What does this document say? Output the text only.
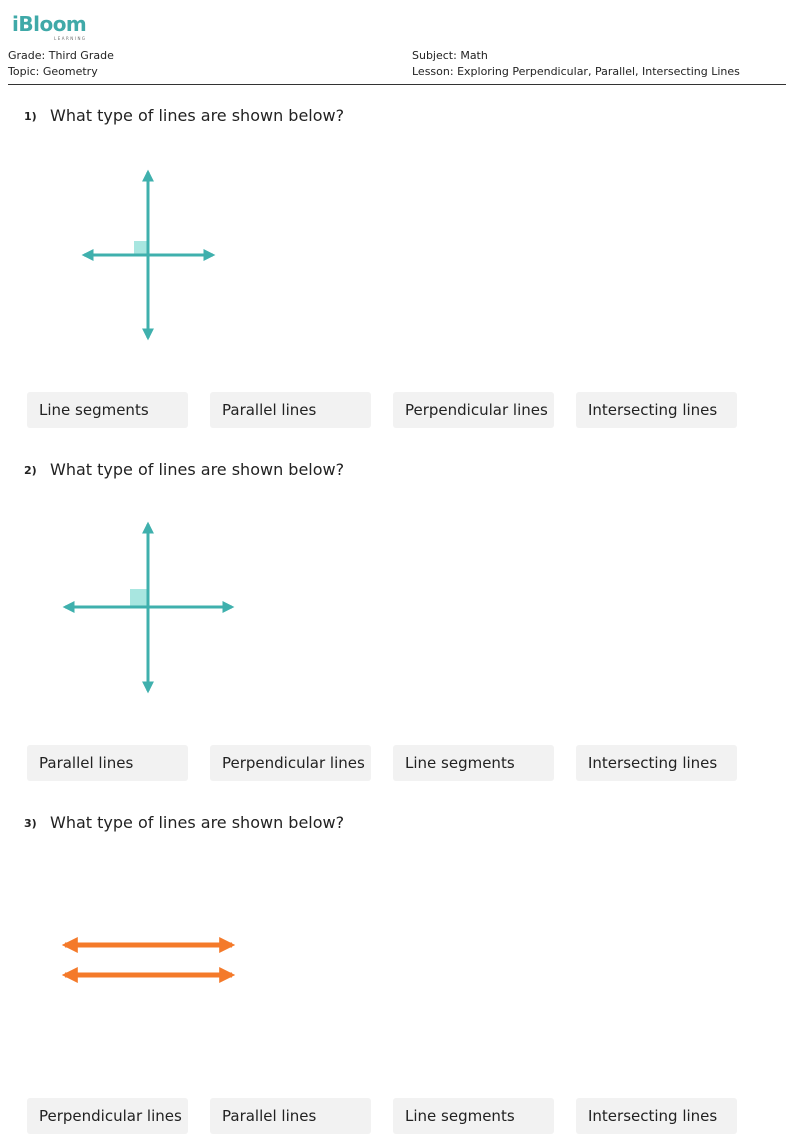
iBloom
LEARNING
Grade: Third Grade
Topic: Geometry
Subject: Math
Lesson: Exploring Perpendicular, Parallel, Intersecting Lines
1) What type of lines are shown below?
Line segments	Parallel lines	Perpendicular lines	Intersecting lines
2) What type of lines are shown below?
Parallel lines	Perpendicular lines	Line segments	Intersecting lines
3) What type of lines are shown below?
Perpendicular lines	Parallel lines	Line segments	Intersecting lines
